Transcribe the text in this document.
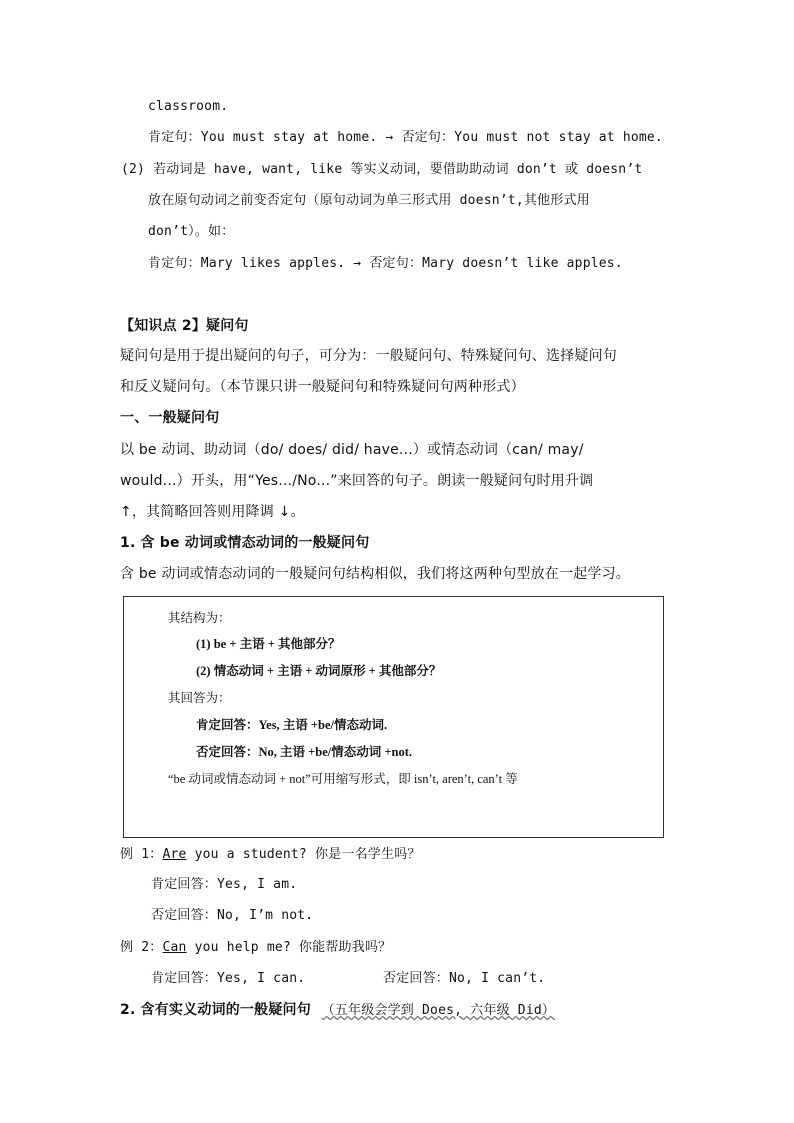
classroom.
肯定句：You must stay at home. → 否定句：You must not stay at home.
(2) 若动词是 have, want, like 等实义动词，要借助助动词 don’t 或 doesn’t
放在原句动词之前变否定句（原句动词为单三形式用 doesn’t,其他形式用
don’t）。如：
肯定句：Mary likes apples. → 否定句：Mary doesn’t like apples.
【知识点 2】疑问句
疑问句是用于提出疑问的句子，可分为：一般疑问句、特殊疑问句、选择疑问句
和反义疑问句。（本节课只讲一般疑问句和特殊疑问句两种形式）
一、一般疑问句
以 be 动词、助动词（do/ does/ did/ have...）或情态动词（can/ may/
would...）开头，用“Yes.../No...”来回答的句子。朗读一般疑问句时用升调
↑，其简略回答则用降调 ↓。
1. 含 be 动词或情态动词的一般疑问句
含 be 动词或情态动词的一般疑问句结构相似，我们将这两种句型放在一起学习。
其结构为：
(1) be + 主语 + 其他部分？
(2) 情态动词 + 主语 + 动词原形 + 其他部分？
其回答为：
肯定回答：Yes, 主语 +be/情态动词.
否定回答：No, 主语 +be/情态动词 +not.
“be 动词或情态动词 + not”可用缩写形式，即 isn’t, aren’t, can’t 等
例 1：Are you a student? 你是一名学生吗？
肯定回答：Yes, I am.
否定回答：No, I’m not.
例 2：Can you help me? 你能帮助我吗？
肯定回答：Yes, I can.	否定回答：No, I can’t.
2. 含有实义动词的一般疑问句 （五年级会学到 Does, 六年级 Did）
